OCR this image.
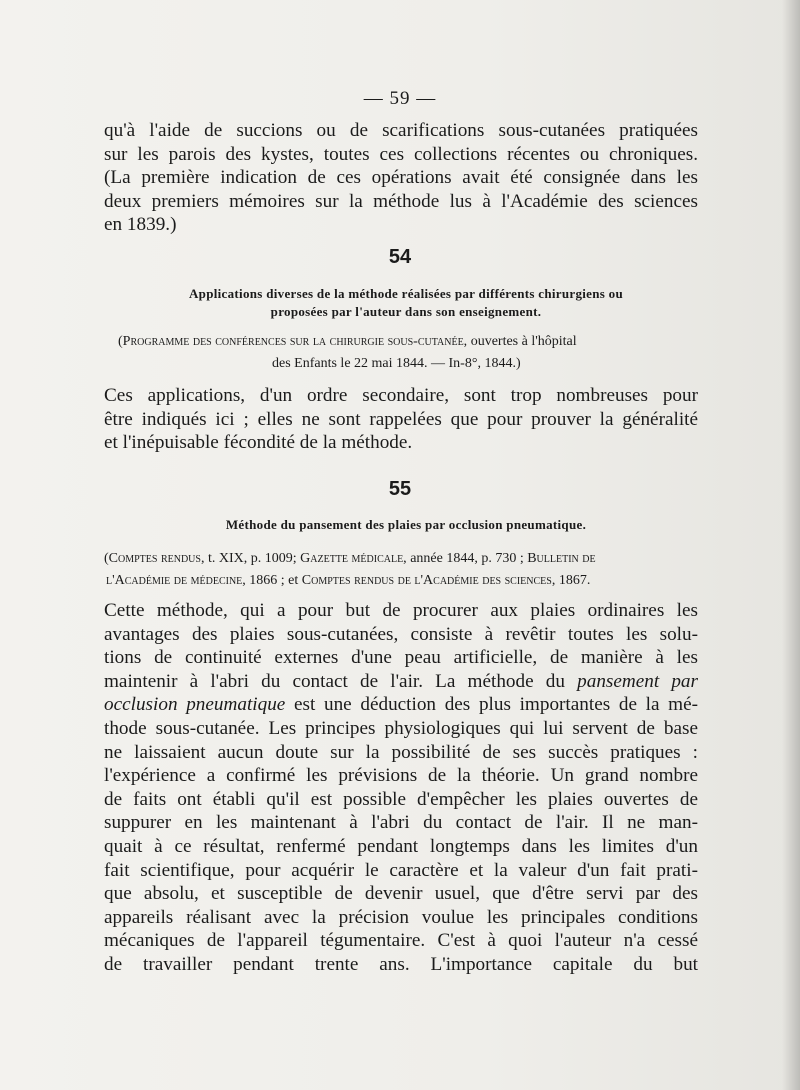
— 59 —

qu'à l'aide de succions ou de scarifications sous-cutanées pratiquées

sur les parois des kystes, toutes ces collections récentes ou chroniques.

(La première indication de ces opérations avait été consignée dans les

deux premiers mémoires sur la méthode lus à l'Académie des sciences

en 1839.)

54
Applications diverses de la méthode réalisées par différents chirurgiens ou
proposées par l'auteur dans son enseignement.
(Programme des conférences sur la chirurgie sous-cutanée, ouvertes à l'hôpital
des Enfants le 22 mai 1844. — In-8°, 1844.)

Ces applications, d'un ordre secondaire, sont trop nombreuses pour

être indiqués ici ; elles ne sont rappelées que pour prouver la généralité

et l'inépuisable fécondité de la méthode.

55
Méthode du pansement des plaies par occlusion pneumatique.
(Comptes rendus, t. XIX, p. 1009; Gazette médicale, année 1844, p. 730 ; Bulletin de
l'Académie de médecine, 1866 ; et Comptes rendus de l'Académie des sciences, 1867.

Cette méthode, qui a pour but de procurer aux plaies ordinaires les

avantages des plaies sous-cutanées, consiste à revêtir toutes les solu-

tions de continuité externes d'une peau artificielle, de manière à les

maintenir à l'abri du contact de l'air. La méthode du pansement par

occlusion pneumatique est une déduction des plus importantes de la mé-

thode sous-cutanée. Les principes physiologiques qui lui servent de base

ne laissaient aucun doute sur la possibilité de ses succès pratiques :

l'expérience a confirmé les prévisions de la théorie. Un grand nombre

de faits ont établi qu'il est possible d'empêcher les plaies ouvertes de

suppurer en les maintenant à l'abri du contact de l'air. Il ne man-

quait à ce résultat, renfermé pendant longtemps dans les limites d'un

fait scientifique, pour acquérir le caractère et la valeur d'un fait prati-

que absolu, et susceptible de devenir usuel, que d'être servi par des

appareils réalisant avec la précision voulue les principales conditions

mécaniques de l'appareil tégumentaire. C'est à quoi l'auteur n'a cessé

de travailler pendant trente ans. L'importance capitale du but
